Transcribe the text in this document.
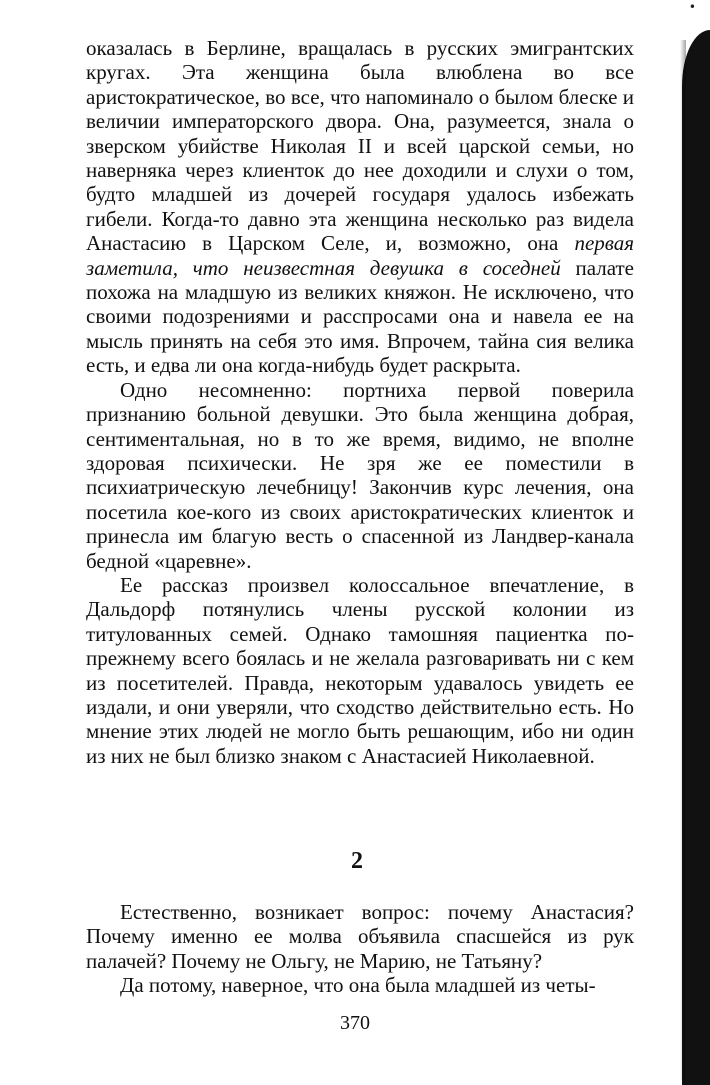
•

оказалась в Берлине, вращалась в русских эмигрантских кругах. Эта женщина была влюблена во все аристократическое, во все, что напоминало о былом блеске и величии императорского двора. Она, разумеется, знала о зверском убийстве Николая II и всей царской семьи, но наверняка через клиенток до нее доходили и слухи о том, будто младшей из дочерей государя удалось избежать гибели. Когда-то давно эта женщина несколько раз видела Анастасию в Царском Селе, и, возможно, она первая заметила, что неизвестная девушка в соседней палате похожа на младшую из великих княжон. Не исключено, что своими подозрениями и расспросами она и навела ее на мысль принять на себя это имя. Впрочем, тайна сия велика есть, и едва ли она когда-нибудь будет раскрыта.

Одно несомненно: портниха первой поверила признанию больной девушки. Это была женщина добрая, сентиментальная, но в то же время, видимо, не вполне здоровая психически. Не зря же ее поместили в психиатрическую лечебницу! Закончив курс лечения, она посетила кое-кого из своих аристократических клиенток и принесла им благую весть о спасенной из Ландвер-канала бедной «царевне».

Ее рассказ произвел колоссальное впечатление, в Дальдорф потянулись члены русской колонии из титулованных семей. Однако тамошняя пациентка по-прежнему всего боялась и не желала разговаривать ни с кем из посетителей. Правда, некоторым удавалось увидеть ее издали, и они уверяли, что сходство действительно есть. Но мнение этих людей не могло быть решающим, ибо ни один из них не был близко знаком с Анастасией Николаевной.

2

Естественно, возникает вопрос: почему Анастасия? Почему именно ее молва объявила спасшейся из рук палачей? Почему не Ольгу, не Марию, не Татьяну?

Да потому, наверное, что она была младшей из четы-

370
